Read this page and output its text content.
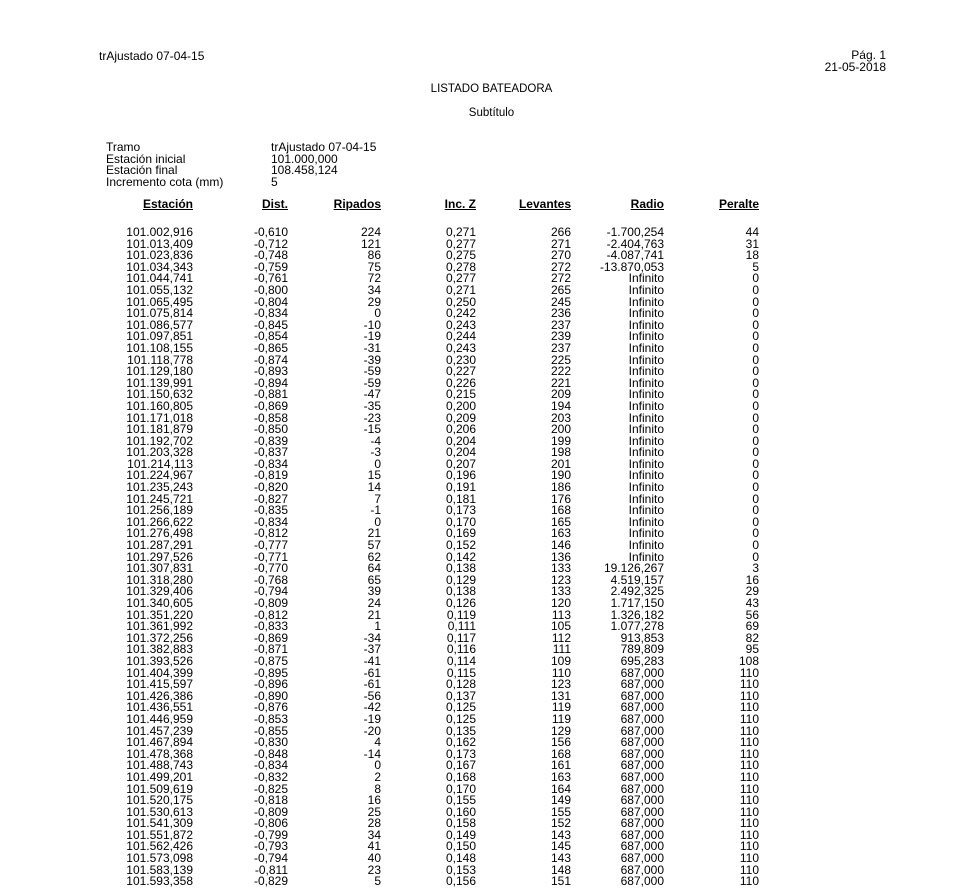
trAjustado 07-04-15	Pág. 1
21-05-2018
LISTADO BATEADORA
Subtítulo
Tramo	trAjustado 07-04-15
Estación inicial	101.000,000
Estación final	108.458,124
Incremento cota (mm)	5
Estación	Dist.	Ripados	Inc. Z	Levantes	Radio	Peralte
101.002,916	-0,610	224	0,271	266	-1.700,254	44
101.013,409	-0,712	121	0,277	271	-2.404,763	31
101.023,836	-0,748	86	0,275	270	-4.087,741	18
101.034,343	-0,759	75	0,278	272	-13.870,053	5
101.044,741	-0,761	72	0,277	272	Infinito	0
101.055,132	-0,800	34	0,271	265	Infinito	0
101.065,495	-0,804	29	0,250	245	Infinito	0
101.075,814	-0,834	0	0,242	236	Infinito	0
101.086,577	-0,845	-10	0,243	237	Infinito	0
101.097,851	-0,854	-19	0,244	239	Infinito	0
101.108,155	-0,865	-31	0,243	237	Infinito	0
101.118,778	-0,874	-39	0,230	225	Infinito	0
101.129,180	-0,893	-59	0,227	222	Infinito	0
101.139,991	-0,894	-59	0,226	221	Infinito	0
101.150,632	-0,881	-47	0,215	209	Infinito	0
101.160,805	-0,869	-35	0,200	194	Infinito	0
101.171,018	-0,858	-23	0,209	203	Infinito	0
101.181,879	-0,850	-15	0,206	200	Infinito	0
101.192,702	-0,839	-4	0,204	199	Infinito	0
101.203,328	-0,837	-3	0,204	198	Infinito	0
101.214,113	-0,834	0	0,207	201	Infinito	0
101.224,967	-0,819	15	0,196	190	Infinito	0
101.235,243	-0,820	14	0,191	186	Infinito	0
101.245,721	-0,827	7	0,181	176	Infinito	0
101.256,189	-0,835	-1	0,173	168	Infinito	0
101.266,622	-0,834	0	0,170	165	Infinito	0
101.276,498	-0,812	21	0,169	163	Infinito	0
101.287,291	-0,777	57	0,152	146	Infinito	0
101.297,526	-0,771	62	0,142	136	Infinito	0
101.307,831	-0,770	64	0,138	133	19.126,267	3
101.318,280	-0,768	65	0,129	123	4.519,157	16
101.329,406	-0,794	39	0,138	133	2.492,325	29
101.340,605	-0,809	24	0,126	120	1.717,150	43
101.351,220	-0,812	21	0,119	113	1.326,182	56
101.361,992	-0,833	1	0,111	105	1.077,278	69
101.372,256	-0,869	-34	0,117	112	913,853	82
101.382,883	-0,871	-37	0,116	111	789,809	95
101.393,526	-0,875	-41	0,114	109	695,283	108
101.404,399	-0,895	-61	0,115	110	687,000	110
101.415,597	-0,896	-61	0,128	123	687,000	110
101.426,386	-0,890	-56	0,137	131	687,000	110
101.436,551	-0,876	-42	0,125	119	687,000	110
101.446,959	-0,853	-19	0,125	119	687,000	110
101.457,239	-0,855	-20	0,135	129	687,000	110
101.467,894	-0,830	4	0,162	156	687,000	110
101.478,368	-0,848	-14	0,173	168	687,000	110
101.488,743	-0,834	0	0,167	161	687,000	110
101.499,201	-0,832	2	0,168	163	687,000	110
101.509,619	-0,825	8	0,170	164	687,000	110
101.520,175	-0,818	16	0,155	149	687,000	110
101.530,613	-0,809	25	0,160	155	687,000	110
101.541,309	-0,806	28	0,158	152	687,000	110
101.551,872	-0,799	34	0,149	143	687,000	110
101.562,426	-0,793	41	0,150	145	687,000	110
101.573,098	-0,794	40	0,148	143	687,000	110
101.583,139	-0,811	23	0,153	148	687,000	110
101.593,358	-0,829	5	0,156	151	687,000	110
